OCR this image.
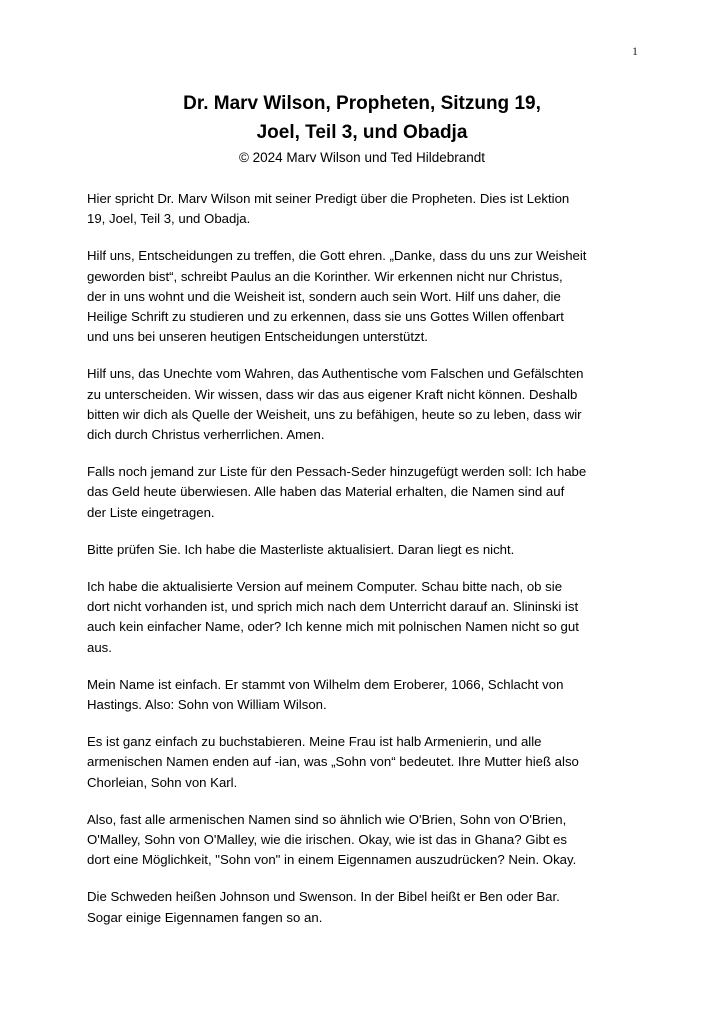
1
Dr. Marv Wilson, Propheten, Sitzung 19,
Joel, Teil 3, und Obadja
© 2024 Marv Wilson und Ted Hildebrandt

Hier spricht Dr. Marv Wilson mit seiner Predigt über die Propheten. Dies ist Lektion
19, Joel, Teil 3, und Obadja.

Hilf uns, Entscheidungen zu treffen, die Gott ehren. „Danke, dass du uns zur Weisheit
geworden bist“, schreibt Paulus an die Korinther. Wir erkennen nicht nur Christus,
der in uns wohnt und die Weisheit ist, sondern auch sein Wort. Hilf uns daher, die
Heilige Schrift zu studieren und zu erkennen, dass sie uns Gottes Willen offenbart
und uns bei unseren heutigen Entscheidungen unterstützt.

Hilf uns, das Unechte vom Wahren, das Authentische vom Falschen und Gefälschten
zu unterscheiden. Wir wissen, dass wir das aus eigener Kraft nicht können. Deshalb
bitten wir dich als Quelle der Weisheit, uns zu befähigen, heute so zu leben, dass wir
dich durch Christus verherrlichen. Amen.

Falls noch jemand zur Liste für den Pessach-Seder hinzugefügt werden soll: Ich habe
das Geld heute überwiesen. Alle haben das Material erhalten, die Namen sind auf
der Liste eingetragen.

Bitte prüfen Sie. Ich habe die Masterliste aktualisiert. Daran liegt es nicht.

Ich habe die aktualisierte Version auf meinem Computer. Schau bitte nach, ob sie
dort nicht vorhanden ist, und sprich mich nach dem Unterricht darauf an. Slininski ist
auch kein einfacher Name, oder? Ich kenne mich mit polnischen Namen nicht so gut
aus.

Mein Name ist einfach. Er stammt von Wilhelm dem Eroberer, 1066, Schlacht von
Hastings. Also: Sohn von William Wilson.

Es ist ganz einfach zu buchstabieren. Meine Frau ist halb Armenierin, und alle
armenischen Namen enden auf -ian, was „Sohn von“ bedeutet. Ihre Mutter hieß also
Chorleian, Sohn von Karl.

Also, fast alle armenischen Namen sind so ähnlich wie O'Brien, Sohn von O'Brien,
O'Malley, Sohn von O'Malley, wie die irischen. Okay, wie ist das in Ghana? Gibt es
dort eine Möglichkeit, "Sohn von" in einem Eigennamen auszudrücken? Nein. Okay.

Die Schweden heißen Johnson und Swenson. In der Bibel heißt er Ben oder Bar.
Sogar einige Eigennamen fangen so an.
